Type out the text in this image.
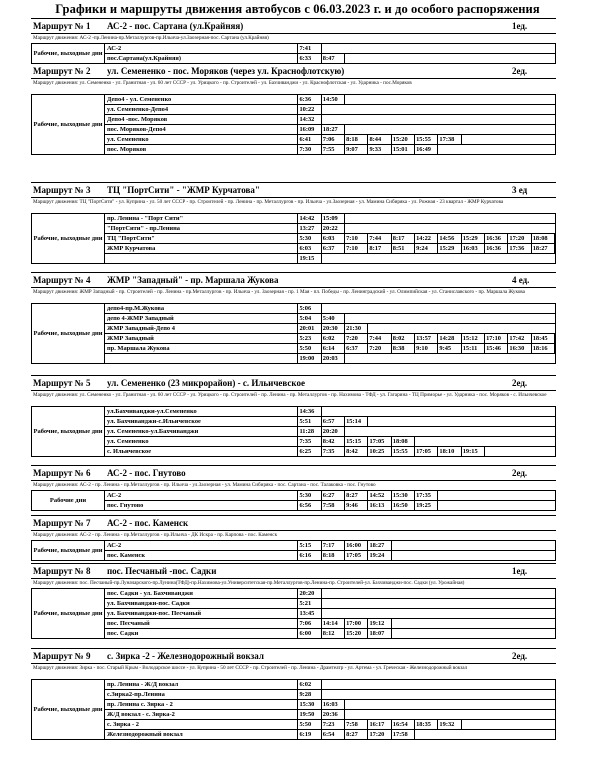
Графики и маршруты движения автобусов с 06.03.2023 г. и до особого распоряжения
Маршрут № 1	АС-2 - пос. Сартана (ул.Крайняя)	1ед.
Маршрут движения: АС-2 -пр.Ленина-пр.Металлургов-пр.Ильича-ул.Заозерная-пос. Сартана (ул.Крайняя)
Рабочие, выходные дни
АС-2	7:41
пос.Сартана(ул.Крайняя)	6:33	8:47
Маршрут № 2	ул. Семененко - пос. Моряков (через ул. Краснофлотскую)	2ед.
Маршрут движения: ул. Семененко - ул. Гранитная - ул. 60 лет СССР - ул. Урицкого - пр. Строителей - ул. Бахчиванджи - ул. Краснофлотская - ул. Ударника - пос.Моряков
Рабочие, выходные дни
Депо4 - ул. Семененко	6:36	14:50
ул. Семененко-Депо4	10:22
Депо4 -пос. Моряков	14:32
пос. Моряков-Депо4	16:09	18:27
ул. Семененко	6:41	7:06	8:18	8:44	15:20	15:55	17:38
пос. Моряков	7:30	7:55	9:07	9:33	15:01	16:49
Маршрут № 3	ТЦ "ПортСити" - "ЖМР Курчатова"	3 ед
Маршрут движения: ТЦ "ПортСити" - ул. Куприна - ул. 50 лет СССР - пр. Строителей - пр. Ленина - пр. Металлургов - пр. Ильича - ул.Заозерная - ул. Мамина Сибиряка - ул. Рожная - 23 квартал - ЖМР Курчатова
Рабочие, выходные дни
пр. Ленина - "Порт Сити"	14:42	15:09
"ПортСити" - пр.Ленина	13:27	20:22
ТЦ "ПортСити"	5:30	6:03	7:10	7:44	8:17	14:22	14:56	15:29	16:36	17:20	18:08
ЖМР Курчатова	6:03	6:37	7:10	8:17	8:51	9:24	15:29	16:03	16:36	17:36	18:27
19:15
Маршрут № 4	ЖМР "Западный" - пр. Маршала Жукова	4 ед.
Маршрут движения: ЖМР Западный - пр. Строителей - пр. Ленина - пр.Металлургов - пр. Ильича - ул. Заозерная - пр. 1 Мая - пл. Победы - пр. Ленинградский - ул. Олимпийская - ул. Станиславского - пр. Маршала Жукова
Рабочие, выходные дни
депо4-пр.М.Жукова	5:06
депо 4-ЖМР Западный	5:04	5:40
ЖМР Западный-Депо 4	20:01	20:30	21:30
ЖМР Западный	5:23	6:02	7:20	7:44	8:02	13:57	14:28	15:12	17:10	17:42	18:45
пр. Маршала Жукова	5:50	6:14	6:37	7:20	8:38	9:10	9:45	15:11	15:46	16:30	18:16
19:00	20:03
Маршрут № 5	ул. Семененко (23 микрорайон) - с. Ильичевское	2ед.
Маршрут движения: ул. Семененко - ул. Гранитная - ул. 60 лет СССР - ул. Урицкого - пр. Строителей - пр. Ленина - пр. Металлургов - пр. Нахимова - ТФД - ул. Гагарина - ТЦ Приморье - ул. Ударника - пос. Моряков - с. Ильичевское
Рабочие, выходные дни
ул.Бахчиванджи-ул.Семененко	14:36
ул. Бахчиванджи-с.Ильичевское	5:51	6:57	15:14
ул. Семененко-ул.Бахчиванджи	11:28	20:20
ул. Семененко	7:35	8:42	15:15	17:05	18:08
с. Ильичевское	6:25	7:35	8:42	10:25	15:55	17:05	18:10	19:15
Маршрут № 6	АС-2 - пос. Гнутово	2ед.
Маршрут движения: АС-2 - пр. Ленина - пр.Металлургов - пр. Ильича - ул.Заозерная - ул. Мамина Сибиряка - пос. Сартана - пос. Талаковка - пос. Гнутово
Рабочие дни
АС-2	5:30	6:27	8:27	14:52	15:30	17:35
пос. Гнутово	6:56	7:58	9:46	16:13	16:50	19:25
Маршрут № 7	АС-2 - пос. Каменск
Маршрут движения: АС-2 - пр. Ленина - пр.Металлургов - пр.Ильича - ДК Искра - пр. Карпова - пос. Каменск
Рабочие, выходные дни
АС-2	5:15	7:17	16:00	18:27
пос. Каменск	6:16	8:18	17:05	19:24
Маршрут № 8	пос. Песчаный -пос. Садки	1ед.
Маршрут движения: пос. Песчаный-пр.Луначарского-пр.Лунина(ТФД)-пр.Нахимова-ул.Университетская-пр.Металлургов-пр.Ленина-пр. Строителей-ул. Бахчиванджи-пос. Садки (ул. Урожайная)
Рабочие, выходные дни
пос. Садки - ул. Бахчиванджи	20:20
ул. Бахчиванджи-пос. Садки	5:21
ул. Бахчиванджи-пос. Песчаный	13:45
пос. Песчаный	7:06	14:14	17:00	19:12
пос. Садки	6:00	8:12	15:20	18:07
Маршрут № 9	с. Зирка -2 - Железнодорожный вокзал	2ед.
Маршрут движения: Зирка - пос. Старый Крым - Володарское шоссе - ул. Куприна - 50 лет СССР - пр. Строителей - пр. Ленина - Драмтеатр - ул. Артема - ул. Греческая - Железнодорожный вокзал
Рабочие, выходные дни
пр. Ленина - Ж/Д вокзал	6:02
с.Зирка2-пр.Ленина	9:28
пр. Ленина с. Зирка - 2	15:30	16:03
Ж/Д вокзал - с. Зирка-2	19:50	20:36
с. Зирка - 2	5:50	7:23	7:58	16:17	16:54	18:35	19:32
Железнодорожный вокзал	6:19	6:54	8:27	17:20	17:58
